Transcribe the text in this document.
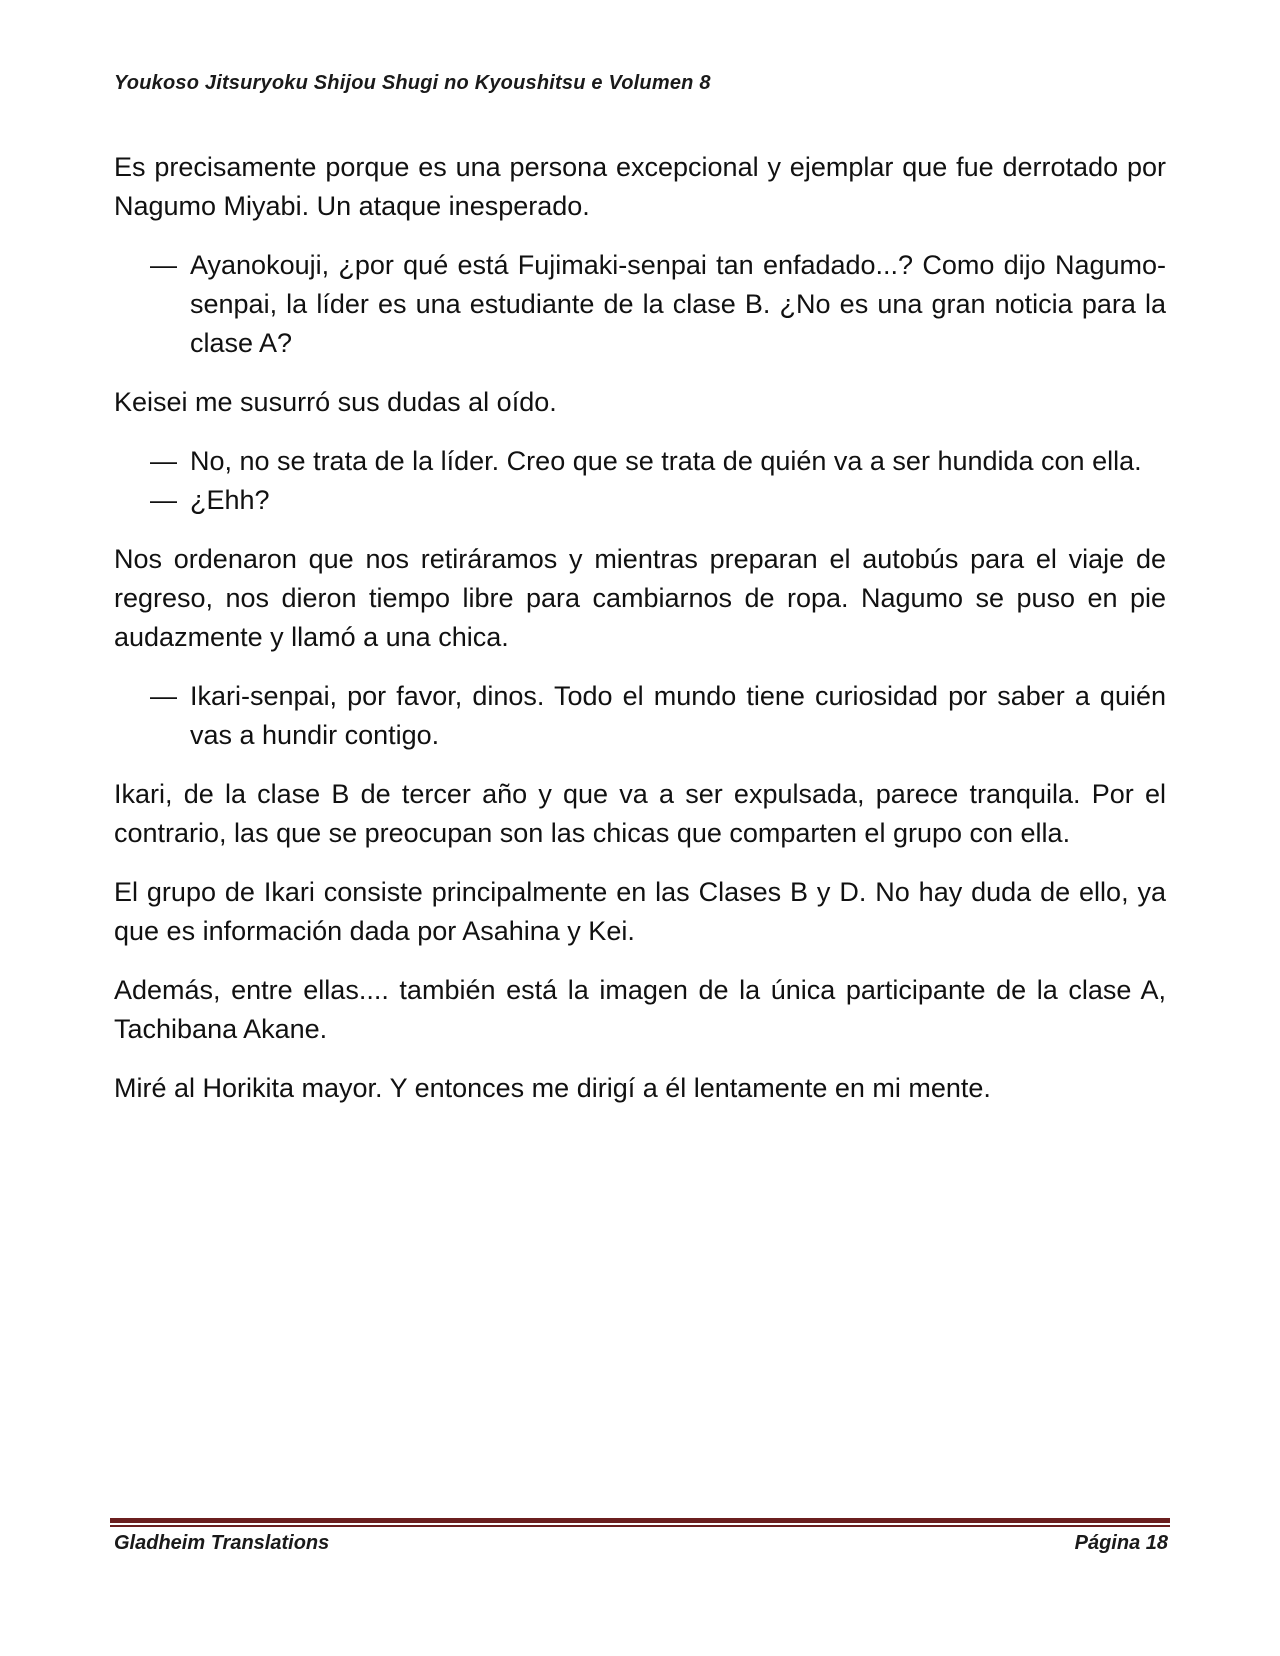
Youkoso Jitsuryoku Shijou Shugi no Kyoushitsu e Volumen 8

Es precisamente porque es una persona excepcional y ejemplar que fue derrotado por Nagumo Miyabi. Un ataque inesperado.

— Ayanokouji, ¿por qué está Fujimaki-senpai tan enfadado...? Como dijo Nagumo-senpai, la líder es una estudiante de la clase B. ¿No es una gran noticia para la clase A?

Keisei me susurró sus dudas al oído.

— No, no se trata de la líder. Creo que se trata de quién va a ser hundida con ella.
— ¿Ehh?

Nos ordenaron que nos retiráramos y mientras preparan el autobús para el viaje de regreso, nos dieron tiempo libre para cambiarnos de ropa. Nagumo se puso en pie audazmente y llamó a una chica.

— Ikari-senpai, por favor, dinos. Todo el mundo tiene curiosidad por saber a quién vas a hundir contigo.

Ikari, de la clase B de tercer año y que va a ser expulsada, parece tranquila. Por el contrario, las que se preocupan son las chicas que comparten el grupo con ella.

El grupo de Ikari consiste principalmente en las Clases B y D. No hay duda de ello, ya que es información dada por Asahina y Kei.

Además, entre ellas.... también está la imagen de la única participante de la clase A, Tachibana Akane.

Miré al Horikita mayor. Y entonces me dirigí a él lentamente en mi mente.

Gladheim Translations	Página 18
